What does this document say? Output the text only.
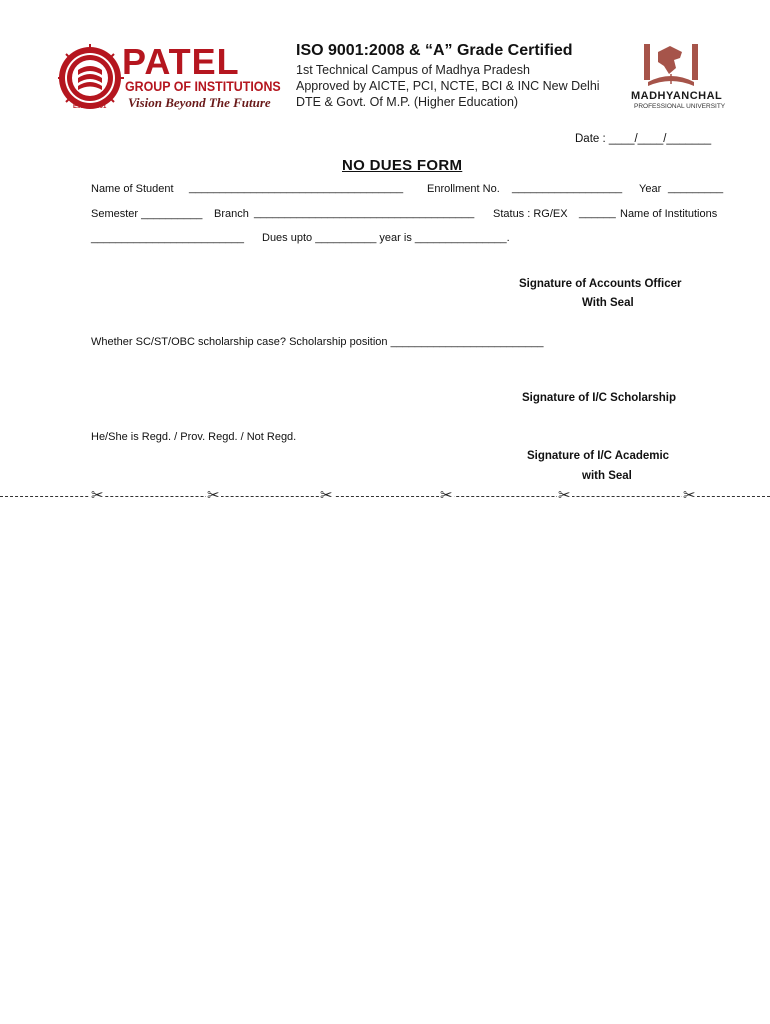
PATEL
GROUP OF INSTITUTIONS
Vision Beyond The Future
Estd. : 2001
ISO 9001:2008 & “A” Grade Certified
1st Technical Campus of Madhya Pradesh
Approved by AICTE, PCI, NCTE, BCI & INC New Delhi
DTE & Govt. Of M.P. (Higher Education)	MADHYANCHAL
PROFESSIONAL UNIVERSITY
Date : ____/____/_______
NO DUES FORM
Name of Student ___________________________________ Enrollment No. __________________ Year _________
Semester __________ Branch ____________________________________ Status : RG/EX ______ Name of Institutions
_________________________ Dues upto __________ year is _______________.
Signature of Accounts Officer
With Seal
Whether SC/ST/OBC scholarship case? Scholarship position _________________________
Signature of I/C Scholarship
He/She is Regd. / Prov. Regd. / Not Regd.
Signature of I/C Academic
with Seal
✂	✂	✂	✂	✂	✂
